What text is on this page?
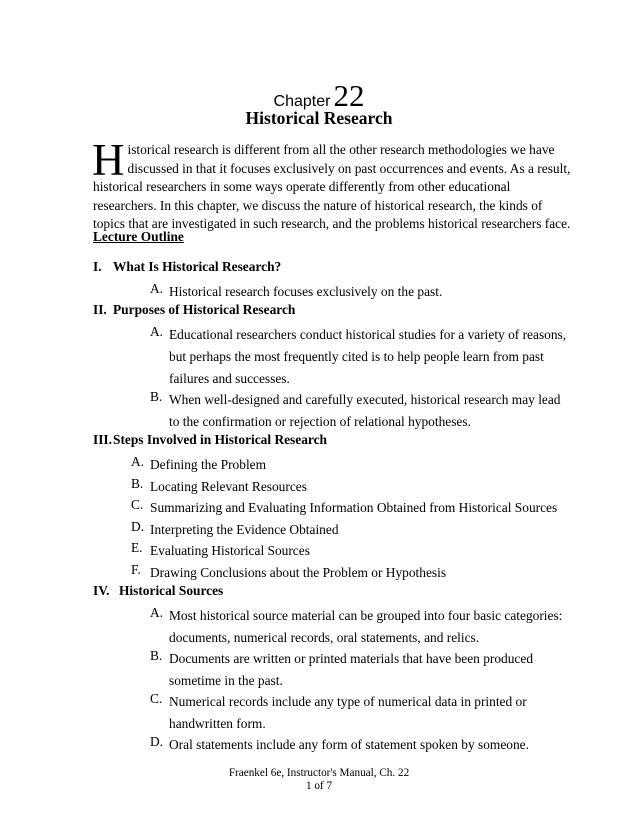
Chapter22
Historical Research
H istorical research is different from all the other research methodologies we have
discussed in that it focuses exclusively on past occurrences and events. As a result,
historical researchers in some ways operate differently from other educational
researchers. In this chapter, we discuss the nature of historical research, the kinds of
topics that are investigated in such research, and the problems historical researchers face.
Lecture Outline
I. What Is Historical Research?
A. Historical research focuses exclusively on the past.
II. Purposes of Historical Research
A. Educational researchers conduct historical studies for a variety of reasons,
but perhaps the most frequently cited is to help people learn from past
failures and successes.
B. When well-designed and carefully executed, historical research may lead
to the confirmation or rejection of relational hypotheses.
III.Steps Involved in Historical Research
A. Defining the Problem
B. Locating Relevant Resources
C. Summarizing and Evaluating Information Obtained from Historical Sources
D. Interpreting the Evidence Obtained
E. Evaluating Historical Sources
F. Drawing Conclusions about the Problem or Hypothesis
IV. Historical Sources
A. Most historical source material can be grouped into four basic categories:
documents, numerical records, oral statements, and relics.
B. Documents are written or printed materials that have been produced
sometime in the past.
C. Numerical records include any type of numerical data in printed or
handwritten form.
D. Oral statements include any form of statement spoken by someone.
Fraenkel 6e, Instructor's Manual, Ch. 22
1 of 7
